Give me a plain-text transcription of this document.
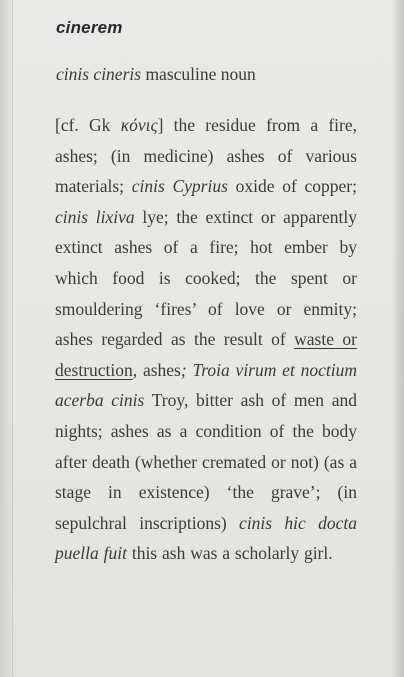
cinerem
cinis cineris masculine noun
[cf. Gk κόνις] the residue from a fire, ashes; (in medicine) ashes of various materials; cinis Cyprius oxide of copper; cinis lixiva lye; the extinct or apparently extinct ashes of a fire; hot ember by which food is cooked; the spent or smouldering ‘fires’ of love or enmity; ashes regarded as the result of waste or destruction, ashes; Troia virum et noctium acerba cinis Troy, bitter ash of men and nights; ashes as a condition of the body after death (whether cremated or not) (as a stage in existence) ‘the grave’; (in sepulchral inscriptions) cinis hic docta puella fuit this ash was a scholarly girl.
